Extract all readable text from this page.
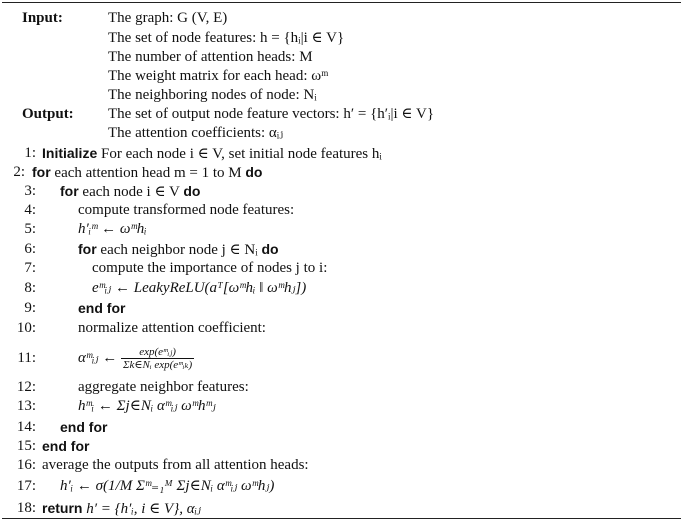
Input:	The graph: G (V, E)
The set of node features: h = {hᵢ|i ∈ V}
The number of attention heads: M
The weight matrix for each head: ωᵐ
The neighboring nodes of node: Nᵢ
Output: The set of output node feature vectors: h′ = {h′ᵢ|i ∈ V}
The attention coefficients: αᵢⱼ
1: Initialize For each node i ∈ V, set initial node features hᵢ
2: for each attention head m = 1 to M do
3: for each node i ∈ V do
4:	compute transformed node features:
5:	h′ᵢᵐ ← ωᵐhᵢ
6:	for each neighbor node j ∈ Nᵢ do
7:	compute the importance of nodes j to i:
8:	eᵐᵢⱼ ← LeakyReLU(aᵀ[ωᵐhᵢ ‖ ωᵐhⱼ])
9:	end for
10:	normalize attention coefficient:
11:	αᵐᵢⱼ ← $\frac{\text{exp(eᵐᵢⱼ)}}{\text{Σk∈Nᵢ exp(eᵐᵢₖ)}}$
12:	aggregate neighbor features:
13:	hᵐᵢ ← Σj∈Nᵢ αᵐᵢⱼ ωᵐhᵐⱼ
14: end for
15: end for
16: average the outputs from all attention heads:
17: h′ᵢ ← σ(1/M Σᵐ₌₁ᴹ Σj∈Nᵢ αᵐᵢⱼ ωᵐhⱼ)
18: return h′ = {h′ᵢ, i ∈ V}, αᵢⱼ
